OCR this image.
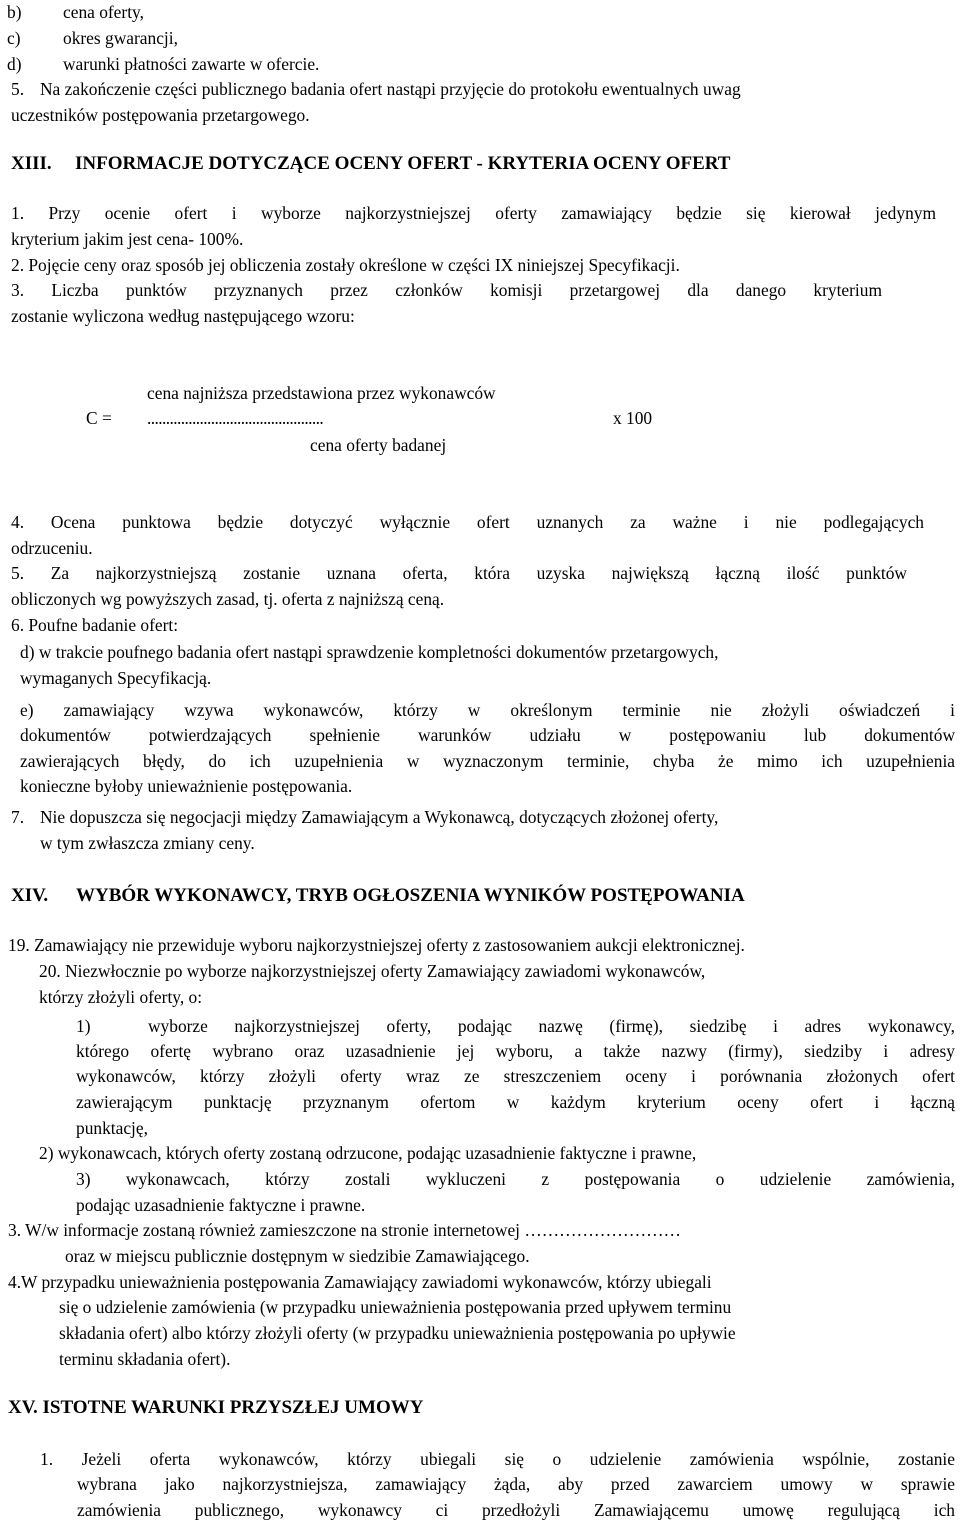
b) cena oferty,
c) okres gwarancji,
d) warunki płatności zawarte w ofercie.
5. Na zakończenie części publicznego badania ofert nastąpi przyjęcie do protokołu ewentualnych uwag
uczestników postępowania przetargowego.
XIII. INFORMACJE DOTYCZĄCE OCENY OFERT - KRYTERIA OCENY OFERT
1. Przy ocenie ofert i wyborze najkorzystniejszej oferty zamawiający będzie się kierował jedynym
kryterium jakim jest cena- 100%.
2. Pojęcie ceny oraz sposób jej obliczenia zostały określone w części IX niniejszej Specyfikacji.
3. Liczba punktów przyznanych przez członków komisji przetargowej dla danego kryterium
zostanie wyliczona według następującego wzoru:
cena najniższa przedstawiona przez wykonawców
C = ...............................................	x 100
cena oferty badanej
4. Ocena punktowa będzie dotyczyć wyłącznie ofert uznanych za ważne i nie podlegających
odrzuceniu.
5. Za najkorzystniejszą zostanie uznana oferta, która uzyska największą łączną ilość punktów
obliczonych wg powyższych zasad, tj. oferta z najniższą ceną.
6. Poufne badanie ofert:
d) w trakcie poufnego badania ofert nastąpi sprawdzenie kompletności dokumentów przetargowych,
wymaganych Specyfikacją.
e) zamawiający wzywa wykonawców, którzy w określonym terminie nie złożyli oświadczeń i
dokumentów potwierdzających spełnienie warunków udziału w postępowaniu lub dokumentów
zawierających błędy, do ich uzupełnienia w wyznaczonym terminie, chyba że mimo ich uzupełnienia
konieczne byłoby unieważnienie postępowania.
7. Nie dopuszcza się negocjacji między Zamawiającym a Wykonawcą, dotyczących złożonej oferty,
w tym zwłaszcza zmiany ceny.
XIV. WYBÓR WYKONAWCY, TRYB OGŁOSZENIA WYNIKÓW POSTĘPOWANIA
19. Zamawiający nie przewiduje wyboru najkorzystniejszej oferty z zastosowaniem aukcji elektronicznej.
20. Niezwłocznie po wyborze najkorzystniejszej oferty Zamawiający zawiadomi wykonawców,
którzy złożyli oferty, o:
1)	wyborze najkorzystniejszej oferty, podając nazwę (firmę), siedzibę i adres wykonawcy,
którego ofertę wybrano oraz uzasadnienie jej wyboru, a także nazwy (firmy), siedziby i adresy
wykonawców, którzy złożyli oferty wraz ze streszczeniem oceny i porównania złożonych ofert
zawierającym punktację przyznanym ofertom w każdym kryterium oceny ofert i łączną
punktację,
2) wykonawcach, których oferty zostaną odrzucone, podając uzasadnienie faktyczne i prawne,
3) wykonawcach, którzy zostali wykluczeni z postępowania o udzielenie zamówienia,
podając uzasadnienie faktyczne i prawne.
3. W/w informacje zostaną również zamieszczone na stronie internetowej ………………………
oraz w miejscu publicznie dostępnym w siedzibie Zamawiającego.
4.W przypadku unieważnienia postępowania Zamawiający zawiadomi wykonawców, którzy ubiegali
się o udzielenie zamówienia (w przypadku unieważnienia postępowania przed upływem terminu
składania ofert) albo którzy złożyli oferty (w przypadku unieważnienia postępowania po upływie
terminu składania ofert).
XV. ISTOTNE WARUNKI PRZYSZŁEJ UMOWY
1. Jeżeli oferta wykonawców, którzy ubiegali się o udzielenie zamówienia wspólnie, zostanie
wybrana jako najkorzystniejsza, zamawiający żąda, aby przed zawarciem umowy w sprawie
zamówienia publicznego, wykonawcy ci przedłożyli Zamawiającemu umowę regulującą ich
